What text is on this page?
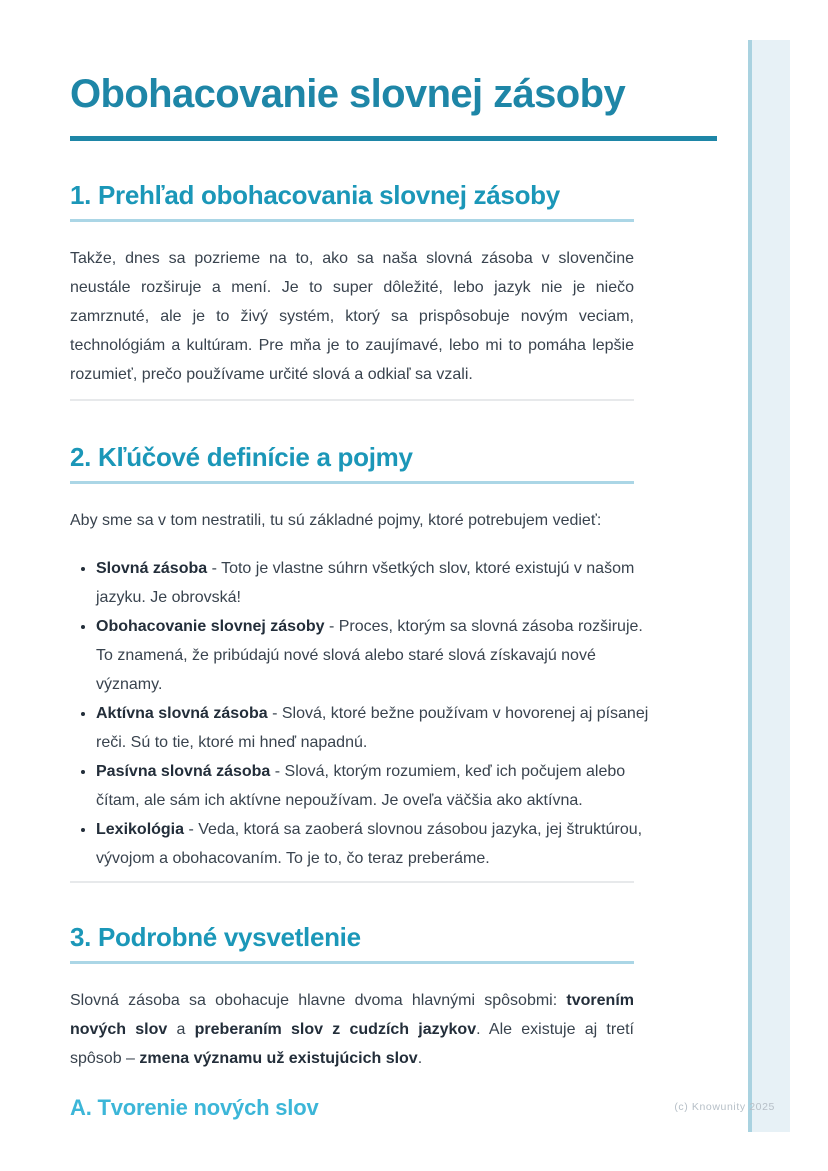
Obohacovanie slovnej zásoby
1. Prehľad obohacovania slovnej zásoby

Takže, dnes sa pozrieme na to, ako sa naša slovná zásoba v slovenčine neustále rozširuje a mení. Je to super dôležité, lebo jazyk nie je niečo zamrznuté, ale je to živý systém, ktorý sa prispôsobuje novým veciam, technológiám a kultúram. Pre mňa je to zaujímavé, lebo mi to pomáha lepšie rozumieť, prečo používame určité slová a odkiaľ sa vzali.

2. Kľúčové definície a pojmy

Aby sme sa v tom nestratili, tu sú základné pojmy, ktoré potrebujem vedieť:

• Slovná zásoba - Toto je vlastne súhrn všetkých slov, ktoré existujú v našom jazyku. Je obrovská!
• Obohacovanie slovnej zásoby - Proces, ktorým sa slovná zásoba rozširuje. To znamená, že pribúdajú nové slová alebo staré slová získavajú nové významy.
• Aktívna slovná zásoba - Slová, ktoré bežne používam v hovorenej aj písanej reči. Sú to tie, ktoré mi hneď napadnú.
• Pasívna slovná zásoba - Slová, ktorým rozumiem, keď ich počujem alebo čítam, ale sám ich aktívne nepoužívam. Je oveľa väčšia ako aktívna.
• Lexikológia - Veda, ktorá sa zaoberá slovnou zásobou jazyka, jej štruktúrou, vývojom a obohacovaním. To je to, čo teraz preberáme.
3. Podrobné vysvetlenie

Slovná zásoba sa obohacuje hlavne dvoma hlavnými spôsobmi: tvorením nových slov a preberaním slov z cudzích jazykov. Ale existuje aj tretí spôsob – zmena významu už existujúcich slov.

A. Tvorenie nových slov	(c) Knowunity 2025
